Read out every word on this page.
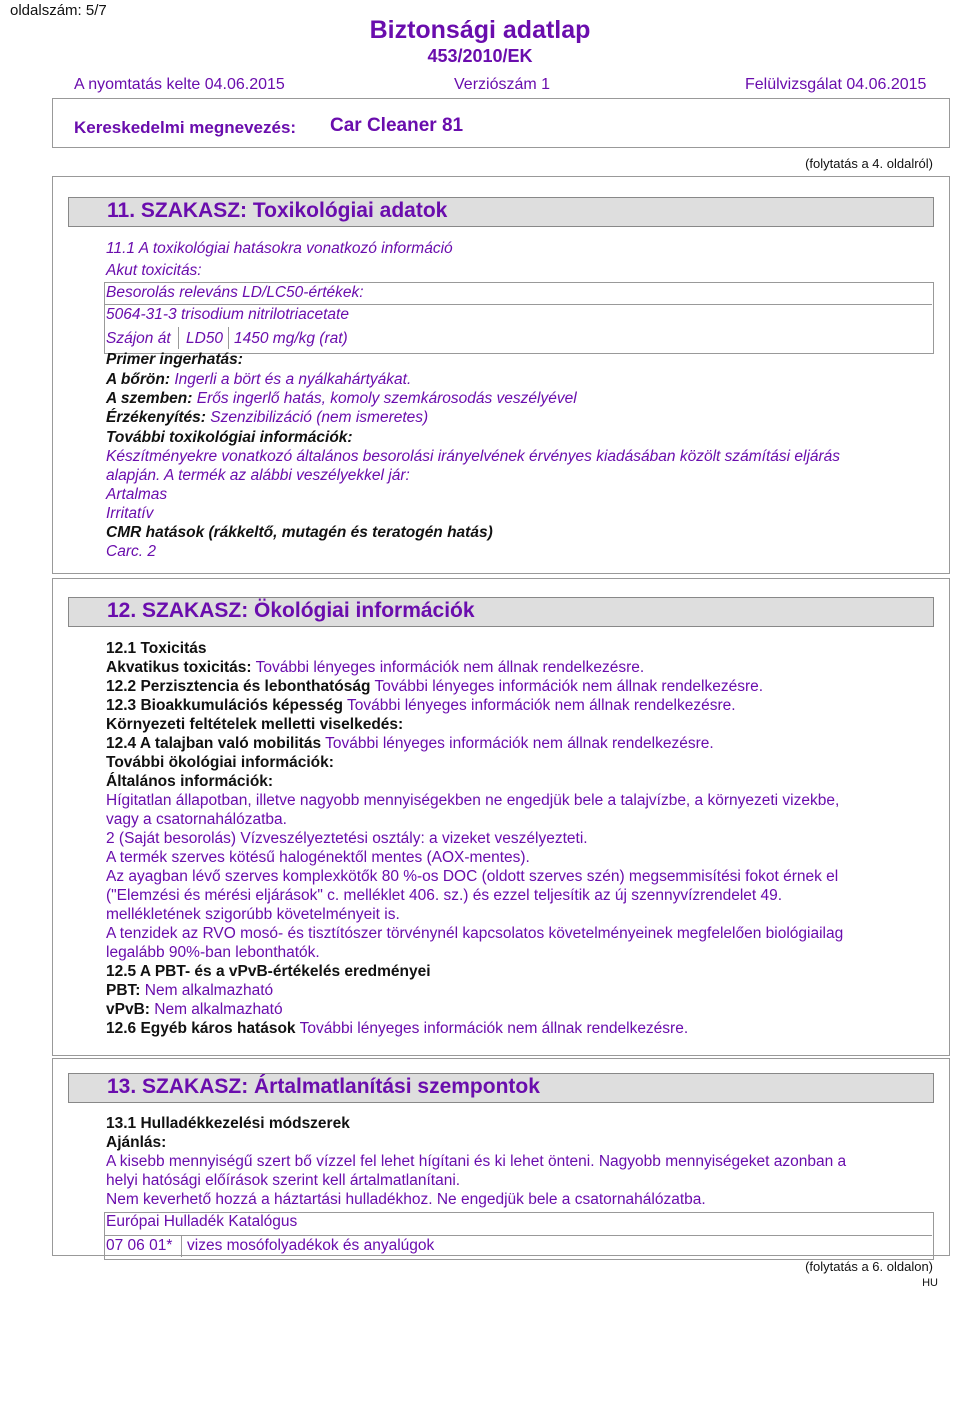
oldalszám: 5/7
Biztonsági adatlap
453/2010/EK
A nyomtatás kelte 04.06.2015	Verziószám 1	Felülvizsgálat 04.06.2015
Kereskedelmi megnevezés: Car Cleaner 81
(folytatás a 4. oldalról)
11. SZAKASZ: Toxikológiai adatok
11.1 A toxikológiai hatásokra vonatkozó információ
Akut toxicitás:
Besorolás releváns LD/LC50-értékek:
5064-31-3 trisodium nitrilotriacetate
Szájon át LD50 1450 mg/kg (rat)
Primer ingerhatás:
A bőrön: Ingerli a bört és a nyálkahártyákat.
A szemben: Erős ingerlő hatás, komoly szemkárosodás veszélyével
Érzékenyítés: Szenzibilizáció (nem ismeretes)
További toxikológiai információk:
Készítményekre vonatkozó általános besorolási irányelvének érvényes kiadásában közölt számítási eljárás
alapján. A termék az alábbi veszélyekkel jár:
Artalmas
Irritatív
CMR hatások (rákkeltő, mutagén és teratogén hatás)
Carc. 2
12. SZAKASZ: Ökológiai információk
12.1 Toxicitás
Akvatikus toxicitás: További lényeges információk nem állnak rendelkezésre.
12.2 Perzisztencia és lebonthatóság További lényeges információk nem állnak rendelkezésre.
12.3 Bioakkumulációs képesség További lényeges információk nem állnak rendelkezésre.
Környezeti feltételek melletti viselkedés:
12.4 A talajban való mobilitás További lényeges információk nem állnak rendelkezésre.
További ökológiai információk:
Általános információk:
Hígitatlan állapotban, illetve nagyobb mennyiségekben ne engedjük bele a talajvízbe, a környezeti vizekbe,
vagy a csatornahálózatba.
2 (Saját besorolás) Vízveszélyeztetési osztály: a vizeket veszélyezteti.
A termék szerves kötésű halogénektől mentes (AOX-mentes).
Az ayagban lévő szerves komplexkötők 80 %-os DOC (oldott szerves szén) megsemmisítési fokot érnek el
("Elemzési és mérési eljárások" c. melléklet 406. sz.) és ezzel teljesítik az új szennyvízrendelet 49.
mellékletének szigorúbb követelményeit is.
A tenzidek az RVO mosó- és tisztítószer törvénynél kapcsolatos követelményeinek megfelelően biológiailag
legalább 90%-ban lebonthatók.
12.5 A PBT- és a vPvB-értékelés eredményei
PBT: Nem alkalmazható
vPvB: Nem alkalmazható
12.6 Egyéb káros hatások További lényeges információk nem állnak rendelkezésre.
13. SZAKASZ: Ártalmatlanítási szempontok
13.1 Hulladékkezelési módszerek
Ajánlás:
A kisebb mennyiségű szert bő vízzel fel lehet hígítani és ki lehet önteni. Nagyobb mennyiségeket azonban a
helyi hatósági előírások szerint kell ártalmatlanítani.
Nem keverhető hozzá a háztartási hulladékhoz. Ne engedjük bele a csatornahálózatba.
Európai Hulladék Katalógus
07 06 01* vizes mosófolyadékok és anyalúgok
(folytatás a 6. oldalon)
HU
